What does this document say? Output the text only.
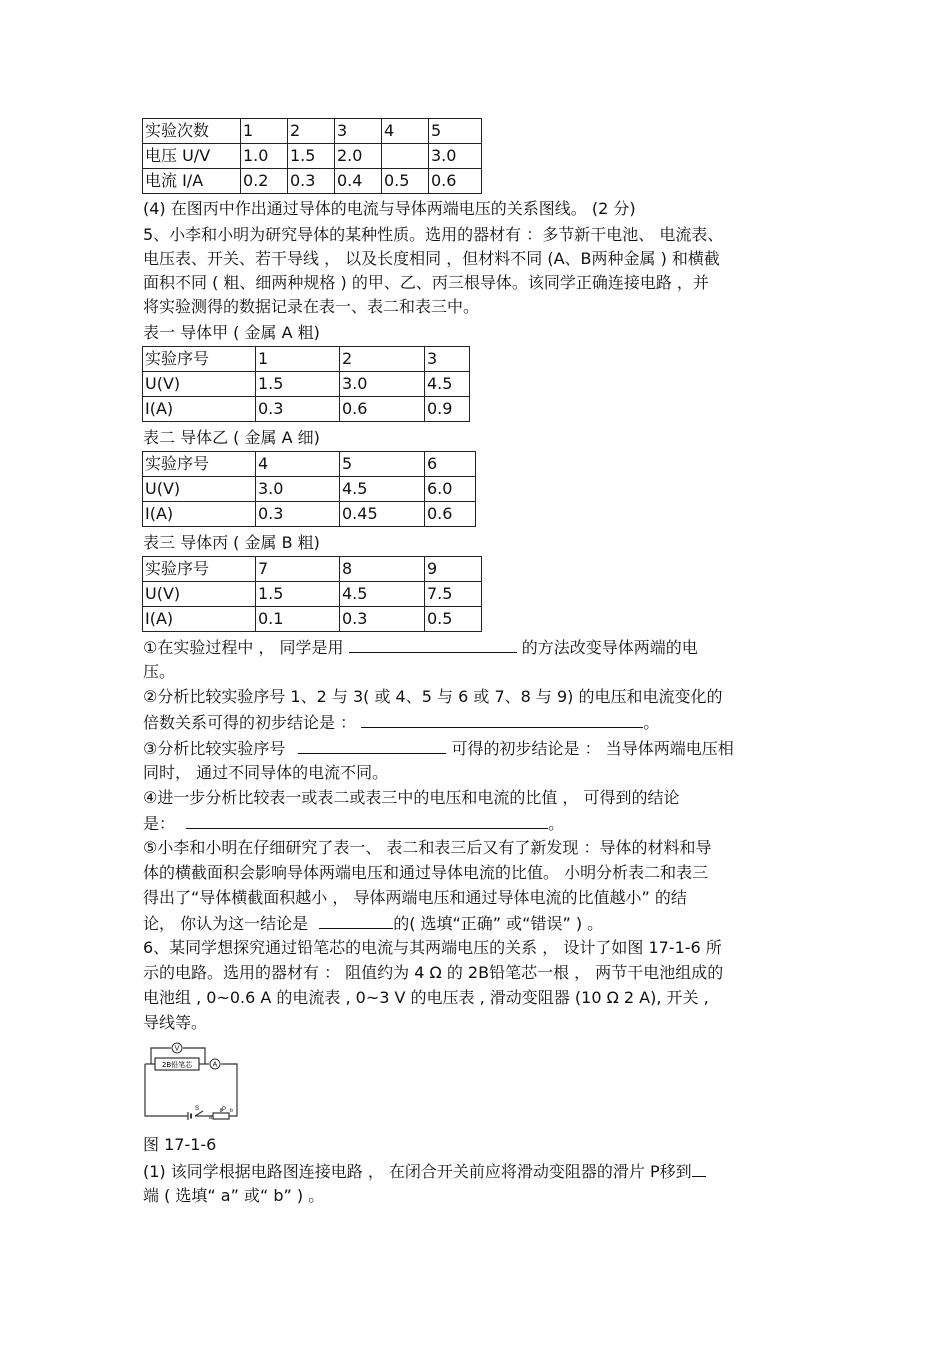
实验次数	1	2	3	4	5
电压 U/V	1.0	1.5	2.0		3.0
电流 I/A	0.2	0.3	0.4	0.5	0.6
(4) 在图丙中作出通过导体的电流与导体两端电压的关系图线。 (2 分)
5、小李和小明为研究导体的某种性质。选用的器材有 ：多节新干电池、 电流表、
电压表、开关、若干导线 ， 以及长度相同 ，但材料不同 (A、B两种金属 ) 和横截
面积不同 ( 粗、细两种规格 ) 的甲、乙、丙三根导体。该同学正确连接电路 ，并
将实验测得的数据记录在表一、表二和表三中。
表一 导体甲 ( 金属 A 粗)
实验序号	1	2	3
U(V)	1.5	3.0	4.5
I(A)	0.3	0.6	0.9
表二 导体乙 ( 金属 A 细)
实验序号	4	5	6
U(V)	3.0	4.5	6.0
I(A)	0.3	0.45	0.6
表三 导体丙 ( 金属 B 粗)
实验序号	7	8	9
U(V)	1.5	4.5	7.5
I(A)	0.1	0.3	0.5
①在实验过程中 ， 同学是用	的方法改变导体两端的电
压。
②分析比较实验序号 1、2 与 3( 或 4、5 与 6 或 7、8 与 9) 的电压和电流变化的
倍数关系可得的初步结论是 ：	。
③分析比较实验序号	可得的初步结论是 ： 当导体两端电压相
同时， 通过不同导体的电流不同。
④进一步分析比较表一或表二或表三中的电压和电流的比值 ， 可得到的结论
是：	。
⑤小李和小明在仔细研究了表一、 表二和表三后又有了新发现 ：导体的材料和导
体的横截面积会影响导体两端电压和通过导体电流的比值。 小明分析表二和表三
得出了“导体横截面积越小 ， 导体两端电压和通过导体电流的比值越小” 的结
论， 你认为这一结论是	的( 选填“正确” 或“错误” ) 。
6、某同学想探究通过铅笔芯的电流与其两端电压的关系 ， 设计了如图 17-1-6 所
示的电路。选用的器材有 ： 阻值约为 4 Ω 的 2B铅笔芯一根 ， 两节干电池组成的
电池组 , 0~0.6 A 的电流表 , 0~3 V 的电压表 , 滑动变阻器 (10 Ω 2 A), 开关 ,
导线等。
V
A
2B铅笔芯
S	P
a
b
图 17-1-6
(1) 该同学根据电路图连接电路 ， 在闭合开关前应将滑动变阻器的滑片 P移到
端 ( 选填“ a” 或“ b” ) 。
